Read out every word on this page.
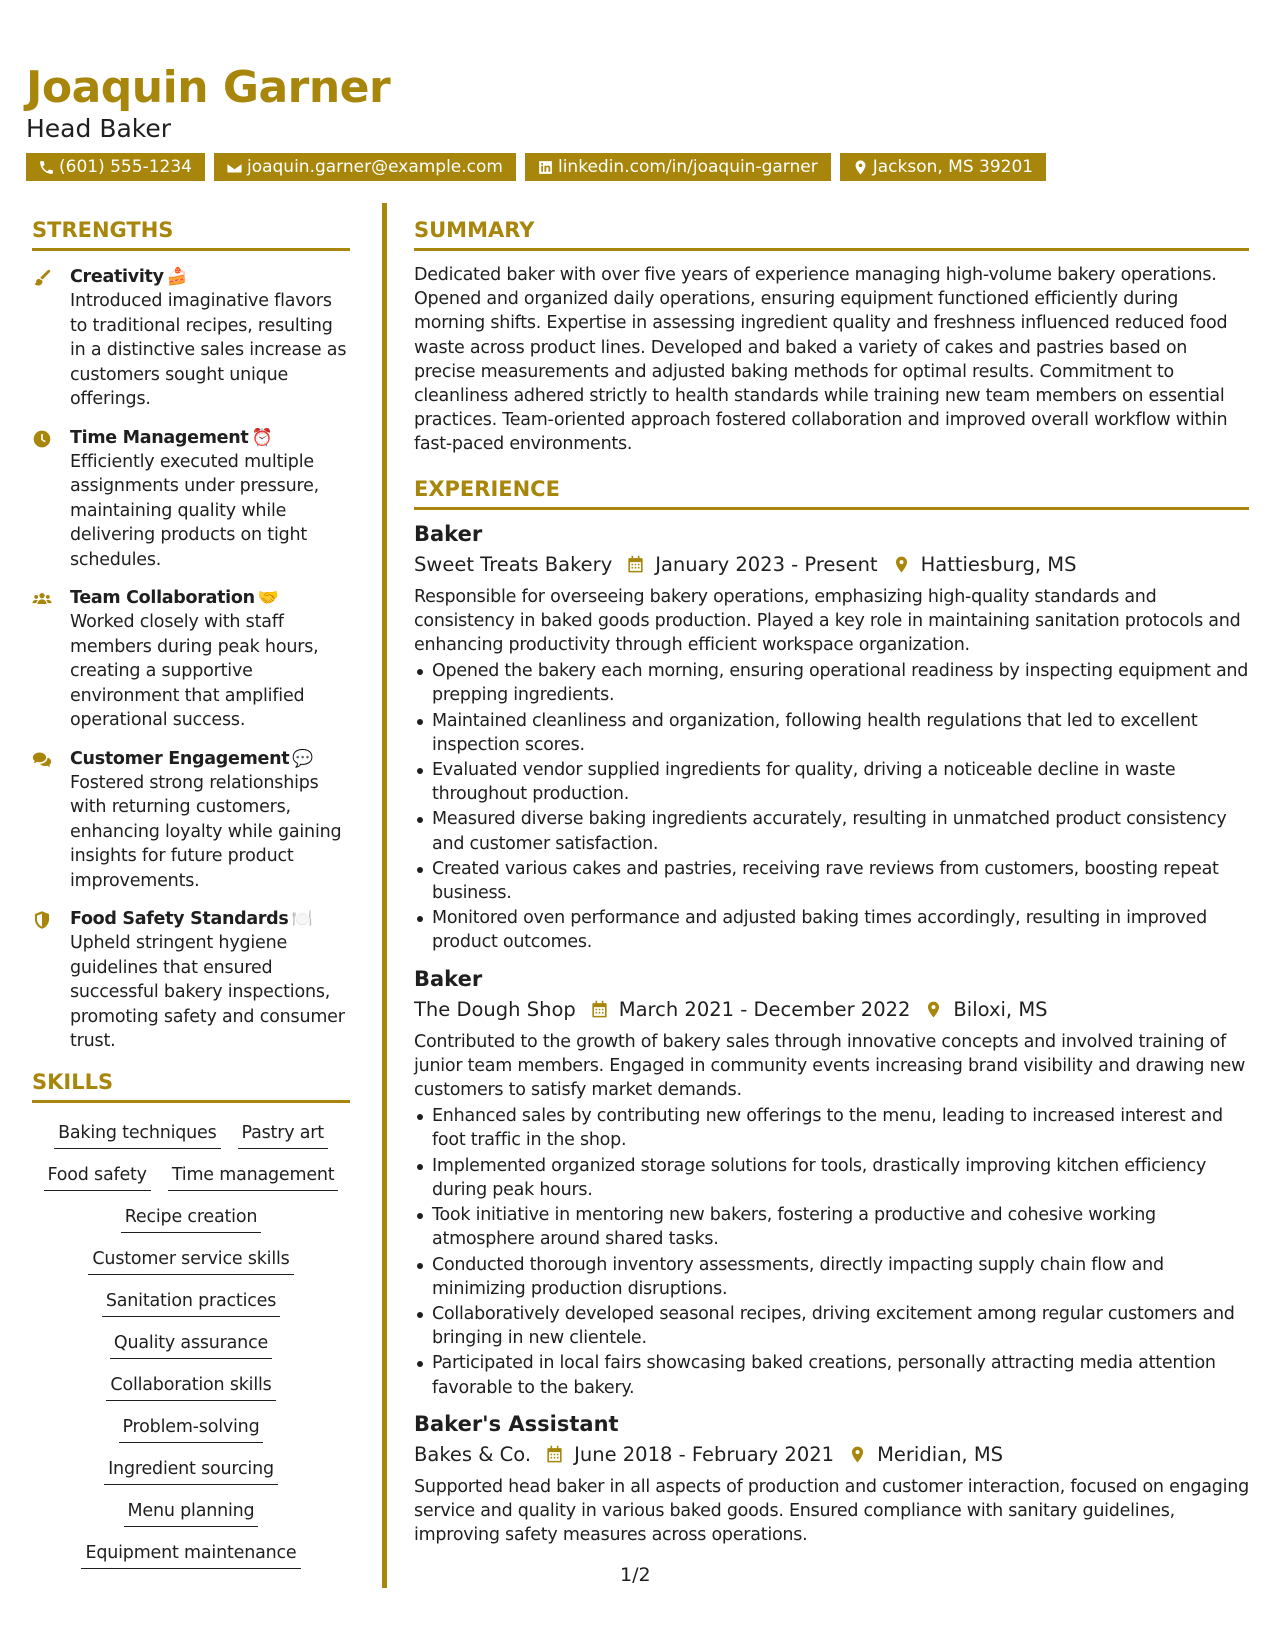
Joaquin Garner
Head Baker
(601) 555-1234	joaquin.garner@example.com	linkedin.com/in/joaquin-garner	Jackson, MS 39201
STRENGTHS
Creativity 🍰
Introduced imaginative flavors to traditional recipes, resulting in a distinctive sales increase as customers sought unique offerings.
Time Management ⏰
Efficiently executed multiple assignments under pressure, maintaining quality while delivering products on tight schedules.
Team Collaboration 🤝
Worked closely with staff members during peak hours, creating a supportive environment that amplified operational success.
Customer Engagement 💬
Fostered strong relationships with returning customers, enhancing loyalty while gaining insights for future product improvements.
Food Safety Standards 🍽️
Upheld stringent hygiene guidelines that ensured successful bakery inspections, promoting safety and consumer trust.
SKILLS
Baking techniques Pastry art
Food safety Time management
Recipe creation
Customer service skills
Sanitation practices
Quality assurance
Collaboration skills
Problem-solving
Ingredient sourcing
Menu planning
Equipment maintenance
SUMMARY
Dedicated baker with over five years of experience managing high-volume bakery operations. Opened and organized daily operations, ensuring equipment functioned efficiently during morning shifts. Expertise in assessing ingredient quality and freshness influenced reduced food waste across product lines. Developed and baked a variety of cakes and pastries based on precise measurements and adjusted baking methods for optimal results. Commitment to cleanliness adhered strictly to health standards while training new team members on essential practices. Team-oriented approach fostered collaboration and improved overall workflow within fast-paced environments.
EXPERIENCE
Baker
Sweet Treats Bakery January 2023 - Present Hattiesburg, MS
Responsible for overseeing bakery operations, emphasizing high-quality standards and consistency in baked goods production. Played a key role in maintaining sanitation protocols and enhancing productivity through efficient workspace organization.
Opened the bakery each morning, ensuring operational readiness by inspecting equipment and prepping ingredients.
Maintained cleanliness and organization, following health regulations that led to excellent inspection scores.
Evaluated vendor supplied ingredients for quality, driving a noticeable decline in waste throughout production.
Measured diverse baking ingredients accurately, resulting in unmatched product consistency and customer satisfaction.
Created various cakes and pastries, receiving rave reviews from customers, boosting repeat business.
Monitored oven performance and adjusted baking times accordingly, resulting in improved product outcomes.
Baker
The Dough Shop March 2021 - December 2022 Biloxi, MS
Contributed to the growth of bakery sales through innovative concepts and involved training of junior team members. Engaged in community events increasing brand visibility and drawing new customers to satisfy market demands.
Enhanced sales by contributing new offerings to the menu, leading to increased interest and foot traffic in the shop.
Implemented organized storage solutions for tools, drastically improving kitchen efficiency during peak hours.
Took initiative in mentoring new bakers, fostering a productive and cohesive working atmosphere around shared tasks.
Conducted thorough inventory assessments, directly impacting supply chain flow and minimizing production disruptions.
Collaboratively developed seasonal recipes, driving excitement among regular customers and bringing in new clientele.
Participated in local fairs showcasing baked creations, personally attracting media attention favorable to the bakery.
Baker's Assistant
Bakes & Co. June 2018 - February 2021 Meridian, MS
Supported head baker in all aspects of production and customer interaction, focused on engaging service and quality in various baked goods. Ensured compliance with sanitary guidelines, improving safety measures across operations.
1/2
